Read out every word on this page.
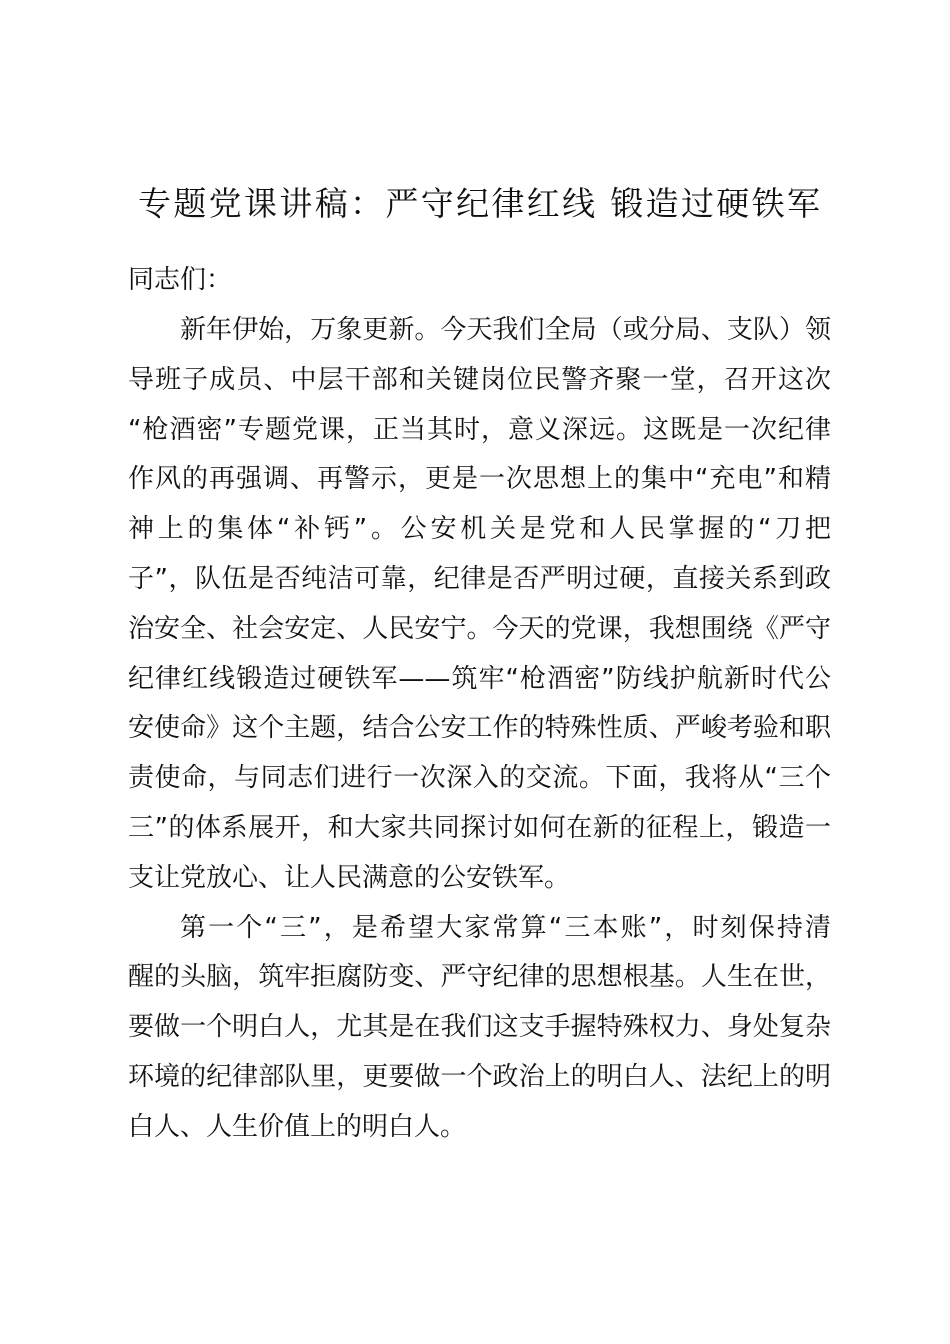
专题党课讲稿：严守纪律红线 锻造过硬铁军
同志们：
新年伊始，万象更新。今天我们全局（或分局、支队）领
导班子成员、中层干部和关键岗位民警齐聚一堂，召开这次
“枪酒密”专题党课，正当其时，意义深远。这既是一次纪律
作风的再强调、再警示，更是一次思想上的集中“充电”和精
神上的集体“补钙”。公安机关是党和人民掌握的“刀把
子”，队伍是否纯洁可靠，纪律是否严明过硬，直接关系到政
治安全、社会安定、人民安宁。今天的党课，我想围绕《严守
纪律红线锻造过硬铁军——筑牢“枪酒密”防线护航新时代公
安使命》这个主题，结合公安工作的特殊性质、严峻考验和职
责使命，与同志们进行一次深入的交流。下面，我将从“三个
三”的体系展开，和大家共同探讨如何在新的征程上，锻造一
支让党放心、让人民满意的公安铁军。
第一个“三”，是希望大家常算“三本账”，时刻保持清
醒的头脑，筑牢拒腐防变、严守纪律的思想根基。人生在世，
要做一个明白人，尤其是在我们这支手握特殊权力、身处复杂
环境的纪律部队里，更要做一个政治上的明白人、法纪上的明
白人、人生价值上的明白人。
